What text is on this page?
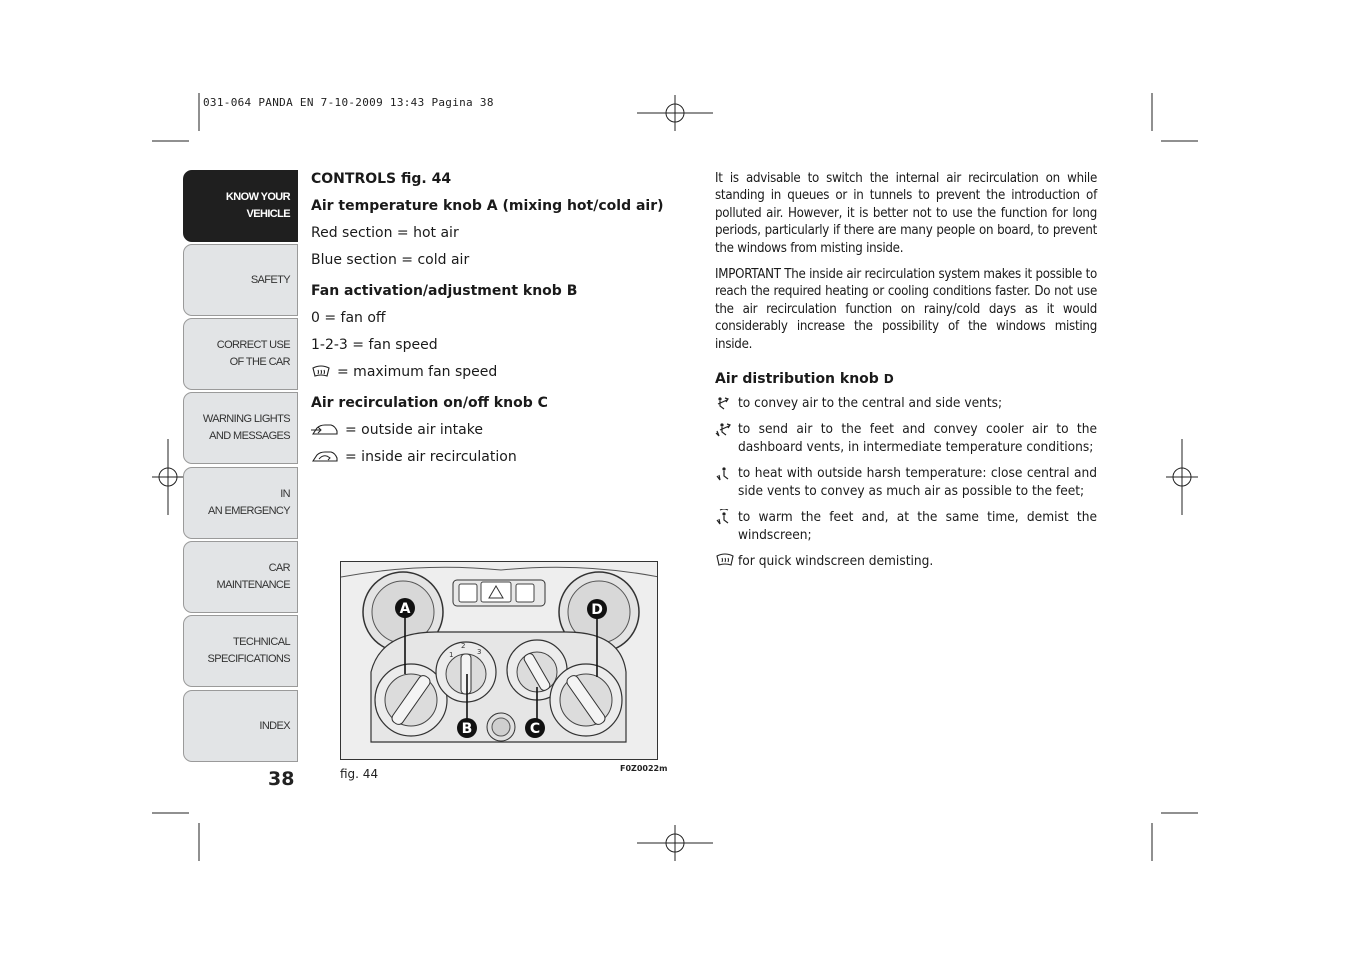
031-064 PANDA EN 7-10-2009 13:43 Pagina 38
KNOW YOUR
VEHICLE
SAFETY
CORRECT USE
OF THE CAR
WARNING LIGHTS
AND MESSAGES
IN
AN EMERGENCY
CAR
MAINTENANCE
TECHNICAL
SPECIFICATIONS
INDEX
38

CONTROLS fig. 44

Air temperature knob A (mixing hot/cold air)

Red section = hot air

Blue section = cold air

Fan activation/adjustment knob B

0 = fan off

1-2-3 = fan speed

= maximum fan speed

Air recirculation on/off knob C

= outside air intake

= inside air recirculation

1
2
3
A
B	C
D
fig. 44	F0Z0022m

It is advisable to switch the internal air recirculation on while standing in queues or in tunnels to prevent the introduction of polluted air. However, it is better not to use the function for long periods, particularly if there are many people on board, to prevent the windows from misting inside.

IMPORTANT The inside air recirculation system makes it possible to reach the required heating or cooling conditions faster. Do not use the air recirculation function on rainy/cold days as it would considerably increase the possibility of the windows misting inside.

Air distribution knob D

to convey air to the central and side vents;
to send air to the feet and convey cooler air to the dashboard vents, in intermediate temperature conditions;
to heat with outside harsh temperature: close central and side vents to convey as much air as possible to the feet;
to warm the feet and, at the same time, demist the windscreen;
for quick windscreen demisting.
